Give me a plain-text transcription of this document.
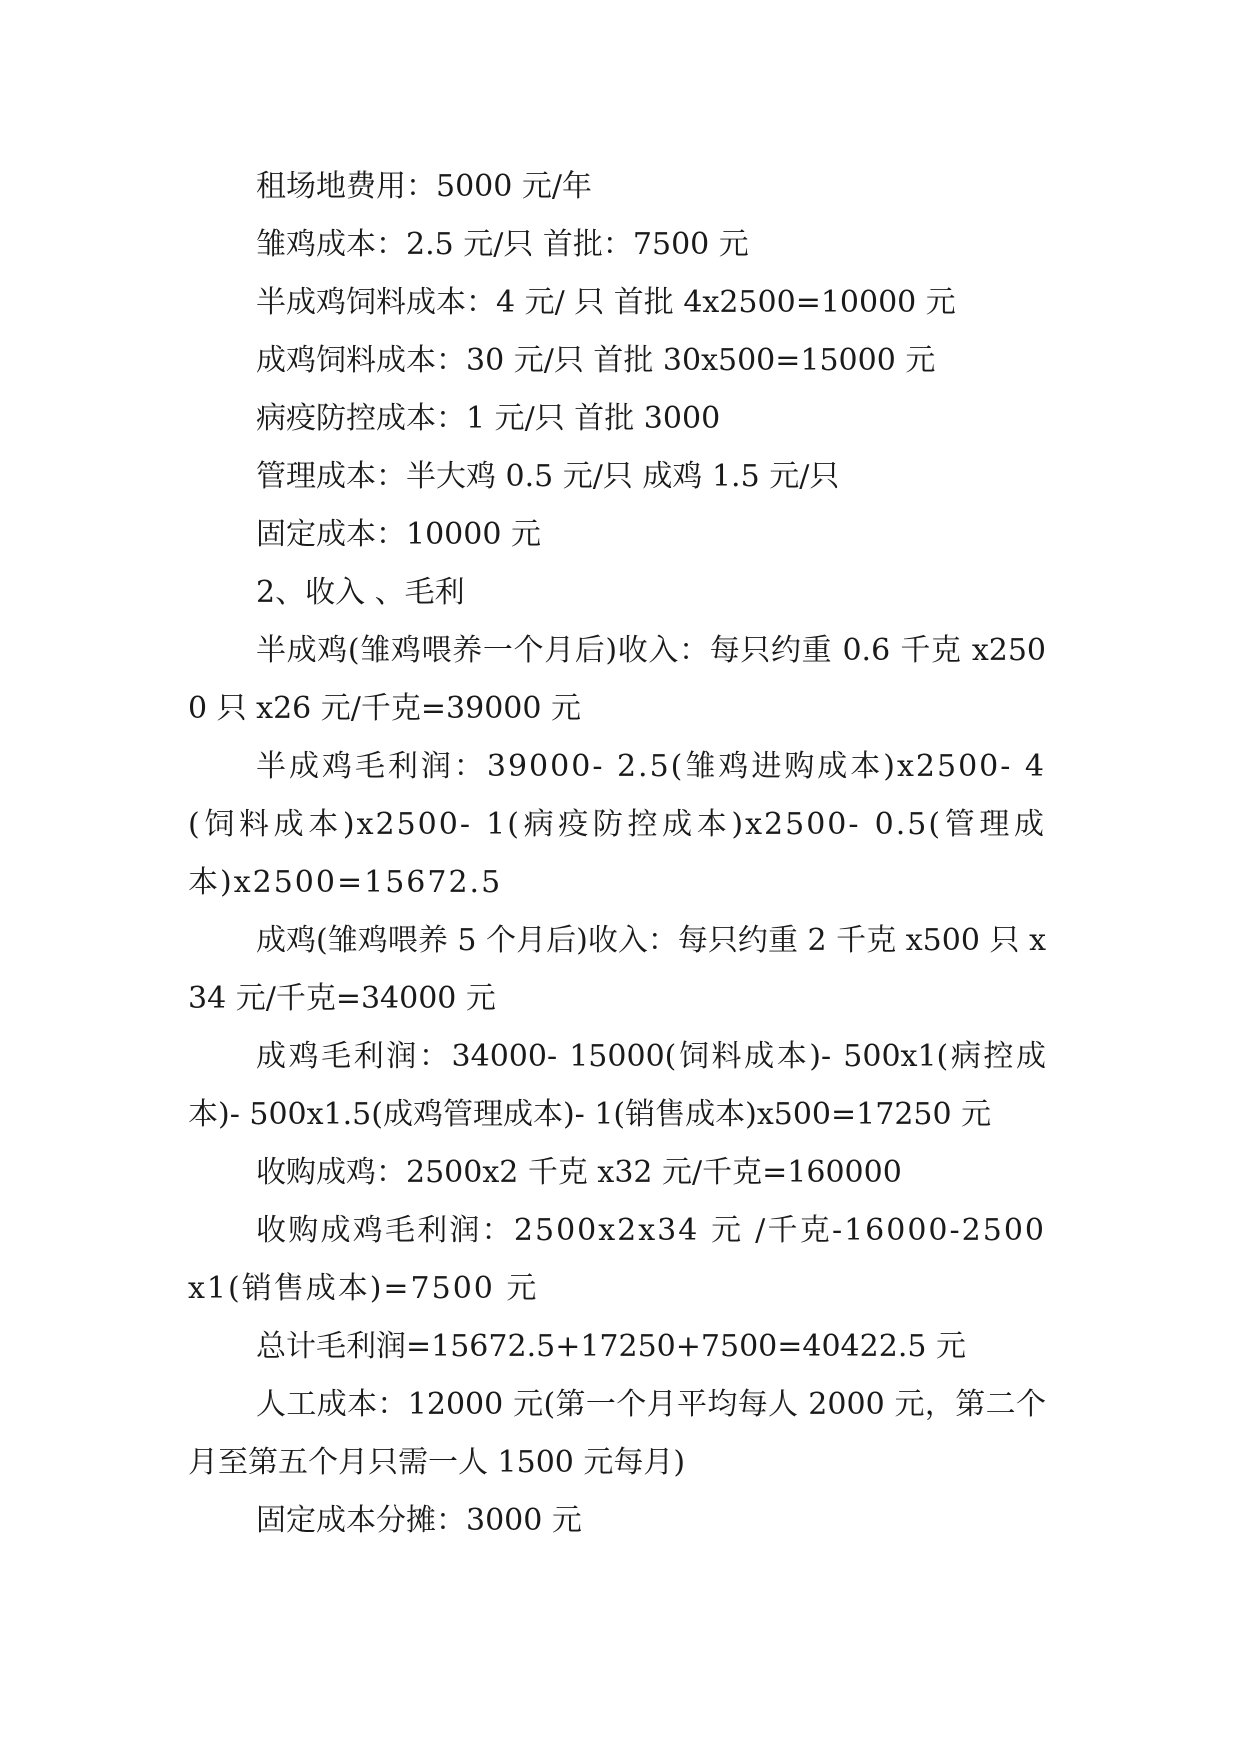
租场地费用：5000 元/年

雏鸡成本：2.5 元/只 首批：7500 元

半成鸡饲料成本：4 元/ 只 首批 4x2500=10000 元

成鸡饲料成本：30 元/只 首批 30x500=15000 元

病疫防控成本：1 元/只 首批 3000

管理成本：半大鸡 0.5 元/只 成鸡 1.5 元/只

固定成本：10000 元

2、收入 、毛利

半成鸡(雏鸡喂养一个月后)收入：每只约重 0.6 千克 x2500 只 x26 元/千克=39000 元

半成鸡毛利润：39000- 2.5(雏鸡进购成本)x2500- 4(饲料成本)x2500- 1(病疫防控成本)x2500- 0.5(管理成本)x2500=15672.5

成鸡(雏鸡喂养 5 个月后)收入：每只约重 2 千克 x500 只 x34 元/千克=34000 元

成鸡毛利润：34000- 15000(饲料成本)- 500x1(病控成本)- 500x1.5(成鸡管理成本)- 1(销售成本)x500=17250 元

收购成鸡：2500x2 千克 x32 元/千克=160000

收购成鸡毛利润：2500x2x34 元 /千克-16000-2500x1(销售成本)=7500 元

总计毛利润=15672.5+17250+7500=40422.5 元

人工成本：12000 元(第一个月平均每人 2000 元，第二个月至第五个月只需一人 1500 元每月)

固定成本分摊：3000 元
